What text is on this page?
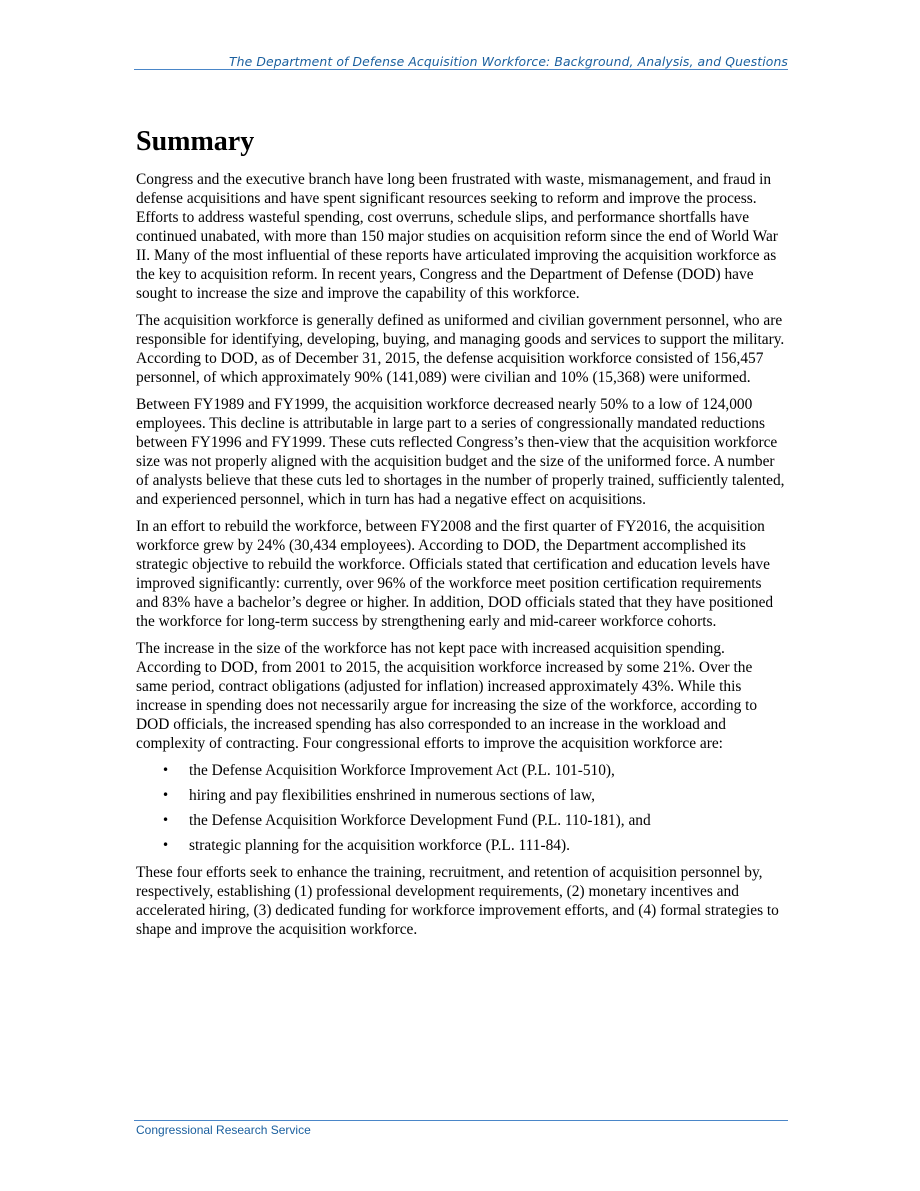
The Department of Defense Acquisition Workforce: Background, Analysis, and Questions
Summary

Congress and the executive branch have long been frustrated with waste, mismanagement, and fraud in defense acquisitions and have spent significant resources seeking to reform and improve the process. Efforts to address wasteful spending, cost overruns, schedule slips, and performance shortfalls have continued unabated, with more than 150 major studies on acquisition reform since the end of World War II. Many of the most influential of these reports have articulated improving the acquisition workforce as the key to acquisition reform. In recent years, Congress and the Department of Defense (DOD) have sought to increase the size and improve the capability of this workforce.

The acquisition workforce is generally defined as uniformed and civilian government personnel, who are responsible for identifying, developing, buying, and managing goods and services to support the military. According to DOD, as of December 31, 2015, the defense acquisition workforce consisted of 156,457 personnel, of which approximately 90% (141,089) were civilian and 10% (15,368) were uniformed.

Between FY1989 and FY1999, the acquisition workforce decreased nearly 50% to a low of 124,000 employees. This decline is attributable in large part to a series of congressionally mandated reductions between FY1996 and FY1999. These cuts reflected Congress’s then-view that the acquisition workforce size was not properly aligned with the acquisition budget and the size of the uniformed force. A number of analysts believe that these cuts led to shortages in the number of properly trained, sufficiently talented, and experienced personnel, which in turn has had a negative effect on acquisitions.

In an effort to rebuild the workforce, between FY2008 and the first quarter of FY2016, the acquisition workforce grew by 24% (30,434 employees). According to DOD, the Department accomplished its strategic objective to rebuild the workforce. Officials stated that certification and education levels have improved significantly: currently, over 96% of the workforce meet position certification requirements and 83% have a bachelor’s degree or higher. In addition, DOD officials stated that they have positioned the workforce for long-term success by strengthening early and mid-career workforce cohorts.

The increase in the size of the workforce has not kept pace with increased acquisition spending. According to DOD, from 2001 to 2015, the acquisition workforce increased by some 21%. Over the same period, contract obligations (adjusted for inflation) increased approximately 43%. While this increase in spending does not necessarily argue for increasing the size of the workforce, according to DOD officials, the increased spending has also corresponded to an increase in the workload and complexity of contracting. Four congressional efforts to improve the acquisition workforce are:

• the Defense Acquisition Workforce Improvement Act (P.L. 101-510),
• hiring and pay flexibilities enshrined in numerous sections of law,
• the Defense Acquisition Workforce Development Fund (P.L. 110-181), and
• strategic planning for the acquisition workforce (P.L. 111-84).

These four efforts seek to enhance the training, recruitment, and retention of acquisition personnel by, respectively, establishing (1) professional development requirements, (2) monetary incentives and accelerated hiring, (3) dedicated funding for workforce improvement efforts, and (4) formal strategies to shape and improve the acquisition workforce.

Congressional Research Service
